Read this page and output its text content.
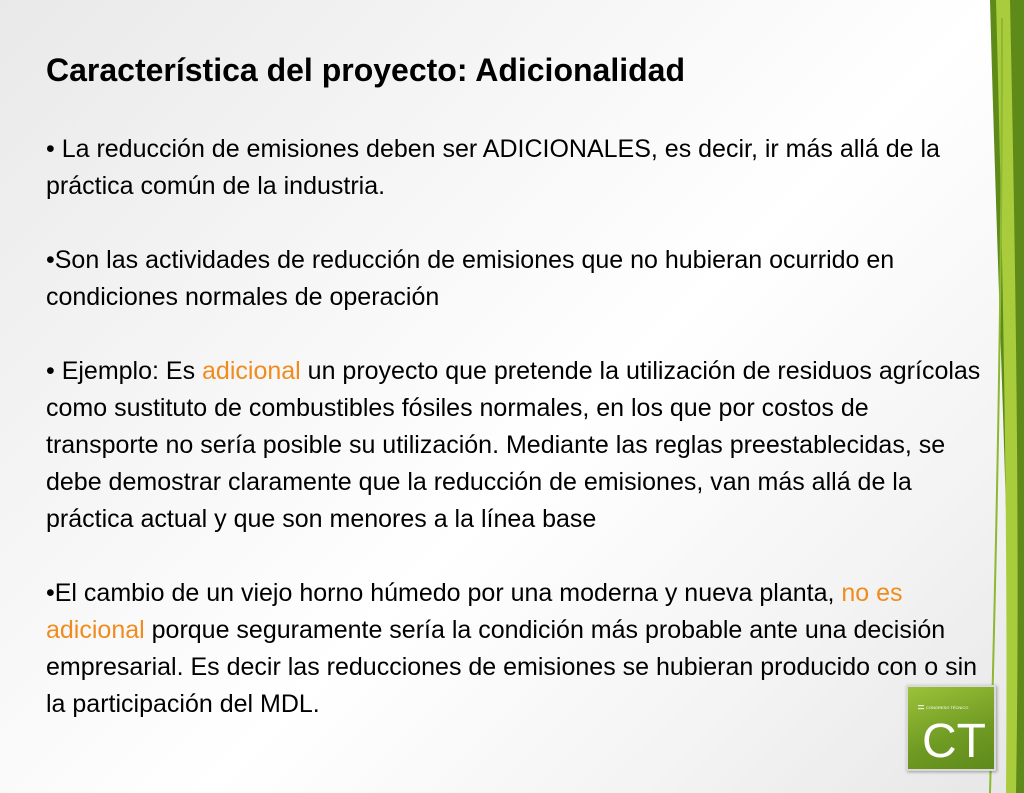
Característica del proyecto: Adicionalidad

• La reducción de emisiones deben ser ADICIONALES, es decir, ir más allá de la práctica común de la industria.

•Son las actividades de reducción de emisiones que no hubieran ocurrido en condiciones normales de operación

• Ejemplo: Es adicional un proyecto que pretende la utilización de residuos agrícolas como sustituto de combustibles fósiles normales, en los que por costos de transporte no sería posible su utilización. Mediante las reglas preestablecidas, se debe demostrar claramente que la reducción de emisiones, van más allá de la práctica actual y que son menores a la línea base

•El cambio de un viejo horno húmedo por una moderna y nueva planta, no es adicional porque seguramente sería la condición más probable ante una decisión empresarial. Es decir las reducciones de emisiones se hubieran producido con o sin la participación del MDL.	CONGRESO TÉCNICO
CT
